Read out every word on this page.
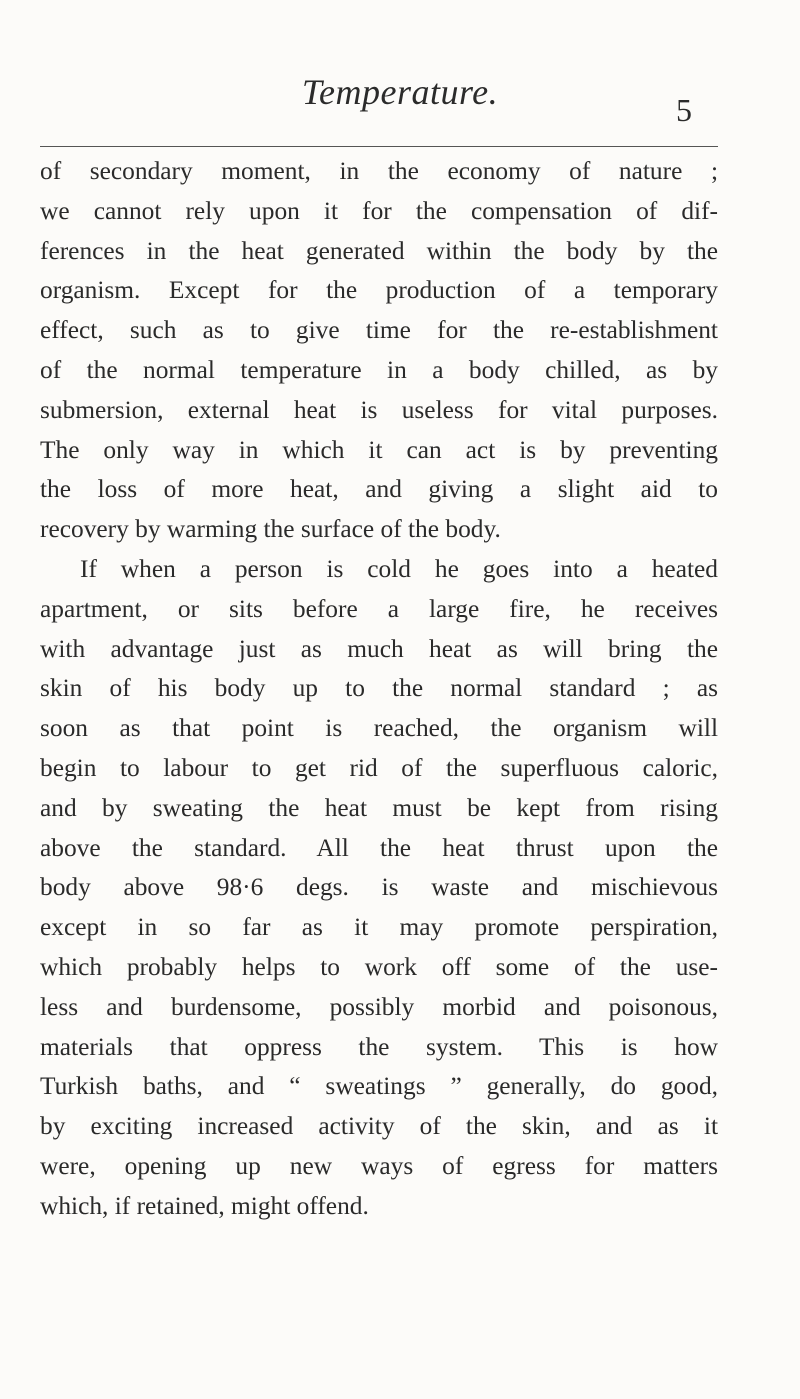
Temperature.	5

of secondary moment, in the economy of nature ;

we cannot rely upon it for the compensation of dif-

ferences in the heat generated within the body by the

organism. Except for the production of a temporary

effect, such as to give time for the re-establishment

of the normal temperature in a body chilled, as by

submersion, external heat is useless for vital purposes.

The only way in which it can act is by preventing

the loss of more heat, and giving a slight aid to

recovery by warming the surface of the body.

If when a person is cold he goes into a heated

apartment, or sits before a large fire, he receives

with advantage just as much heat as will bring the

skin of his body up to the normal standard ; as

soon as that point is reached, the organism will

begin to labour to get rid of the superfluous caloric,

and by sweating the heat must be kept from rising

above the standard. All the heat thrust upon the

body above 98·6 degs. is waste and mischievous

except in so far as it may promote perspiration,

which probably helps to work off some of the use-

less and burdensome, possibly morbid and poisonous,

materials that oppress the system. This is how

Turkish baths, and “ sweatings ” generally, do good,

by exciting increased activity of the skin, and as it

were, opening up new ways of egress for matters

which, if retained, might offend.
